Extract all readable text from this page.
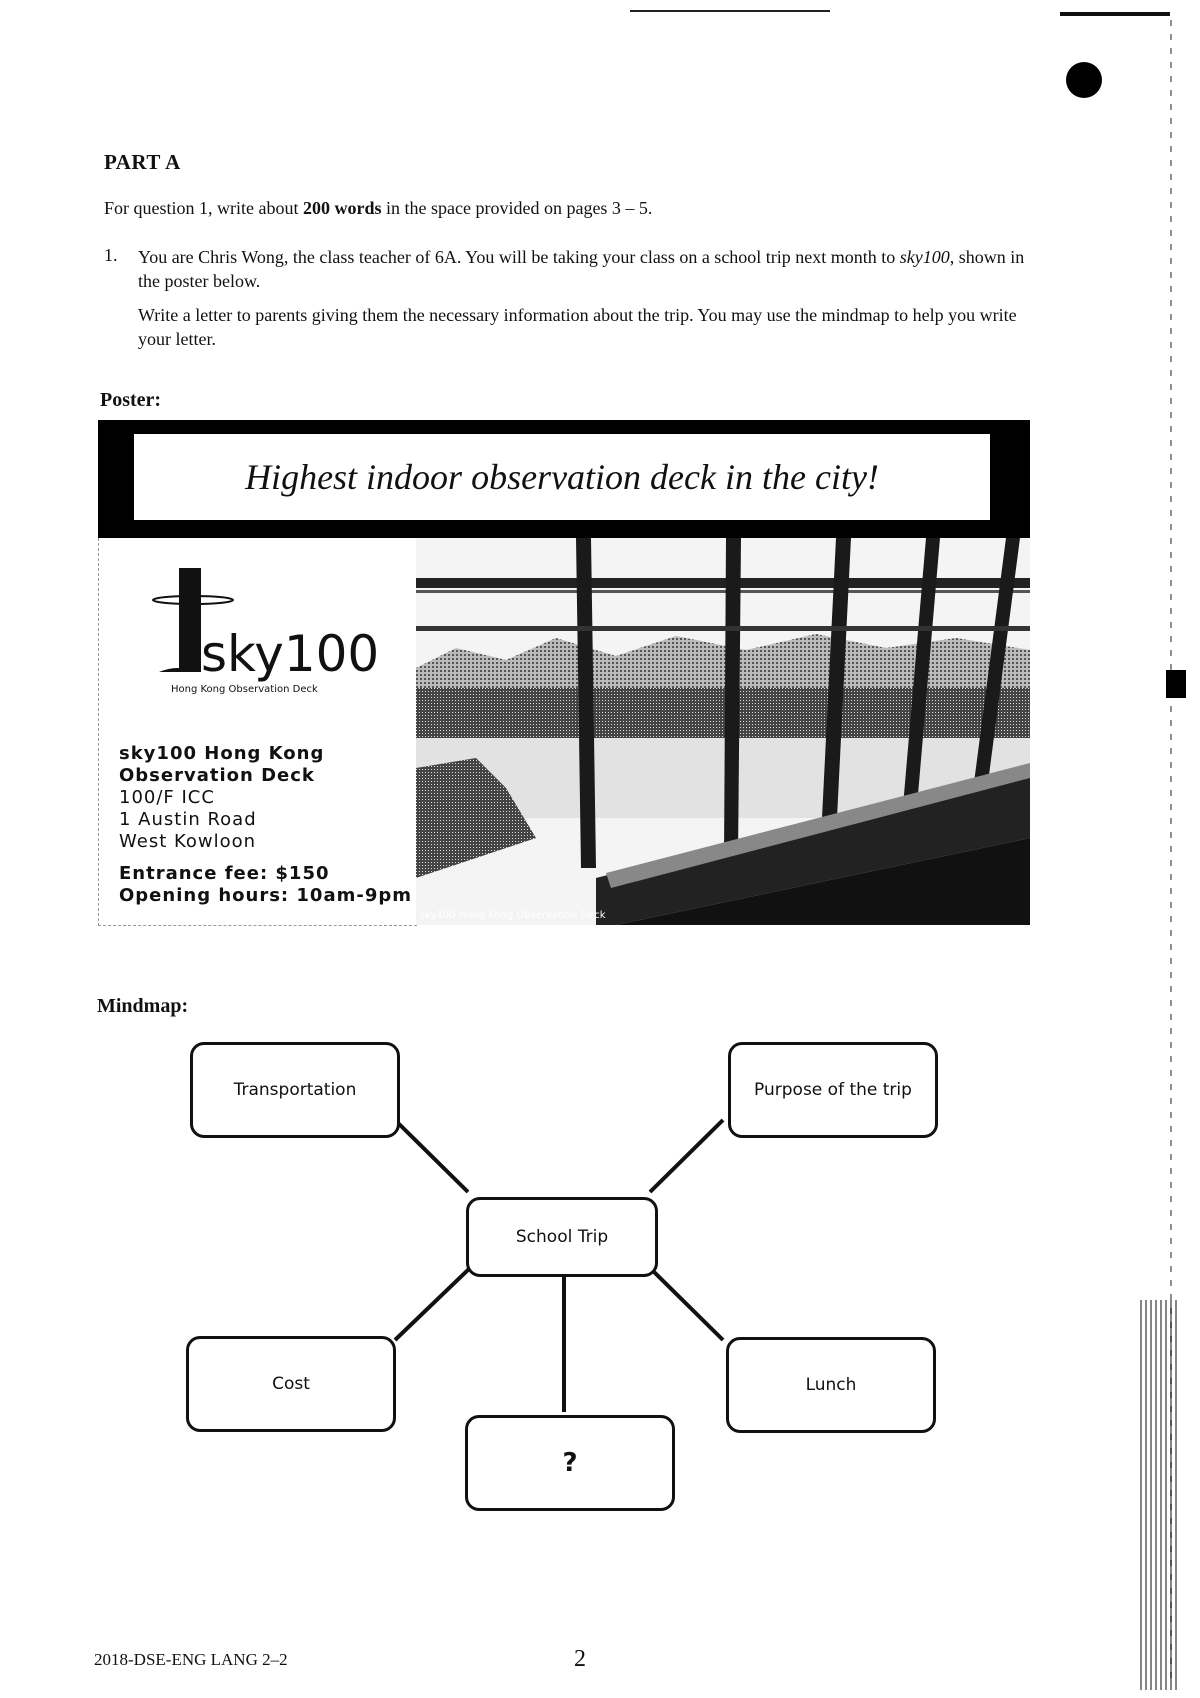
PART A
For question 1, write about 200 words in the space provided on pages 3 – 5.
1. You are Chris Wong, the class teacher of 6A. You will be taking your class on a school trip next month to sky100, shown in the poster below.
Write a letter to parents giving them the necessary information about the trip. You may use the mindmap to help you write your letter.
Poster:
Highest indoor observation deck in the city!
sky100
Hong Kong Observation Deck
sky100 Hong Kong
Observation Deck
100/F ICC
1 Austin Road
West Kowloon
Entrance fee: $150
Opening hours: 10am-9pm
sky100 Hong Kong Observation Deck
Mindmap:
Transportation	Purpose of the trip
School Trip
Cost	Lunch
?
2018-DSE-ENG LANG 2–2	2
